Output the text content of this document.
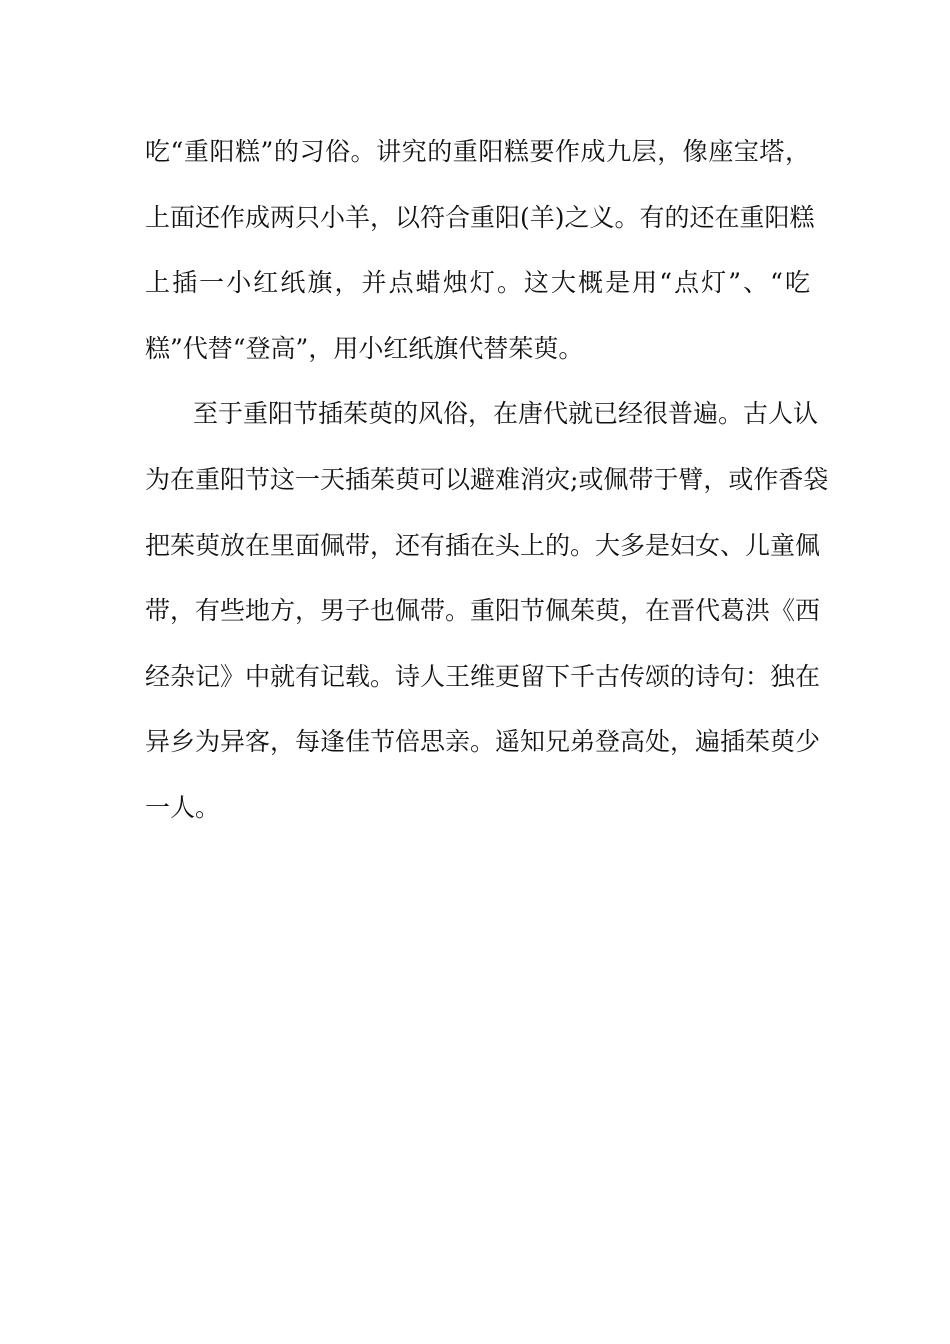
吃“重阳糕”的习俗。讲究的重阳糕要作成九层，像座宝塔，
上面还作成两只小羊，以符合重阳(羊)之义。有的还在重阳糕
上插一小红纸旗，并点蜡烛灯。这大概是用“点灯”、“吃
糕”代替“登高”，用小红纸旗代替茱萸。
至于重阳节插茱萸的风俗，在唐代就已经很普遍。古人认
为在重阳节这一天插茱萸可以避难消灾;或佩带于臂，或作香袋
把茱萸放在里面佩带，还有插在头上的。大多是妇女、儿童佩
带，有些地方，男子也佩带。重阳节佩茱萸，在晋代葛洪《西
经杂记》中就有记载。诗人王维更留下千古传颂的诗句：独在
异乡为异客，每逢佳节倍思亲。遥知兄弟登高处，遍插茱萸少
一人。
